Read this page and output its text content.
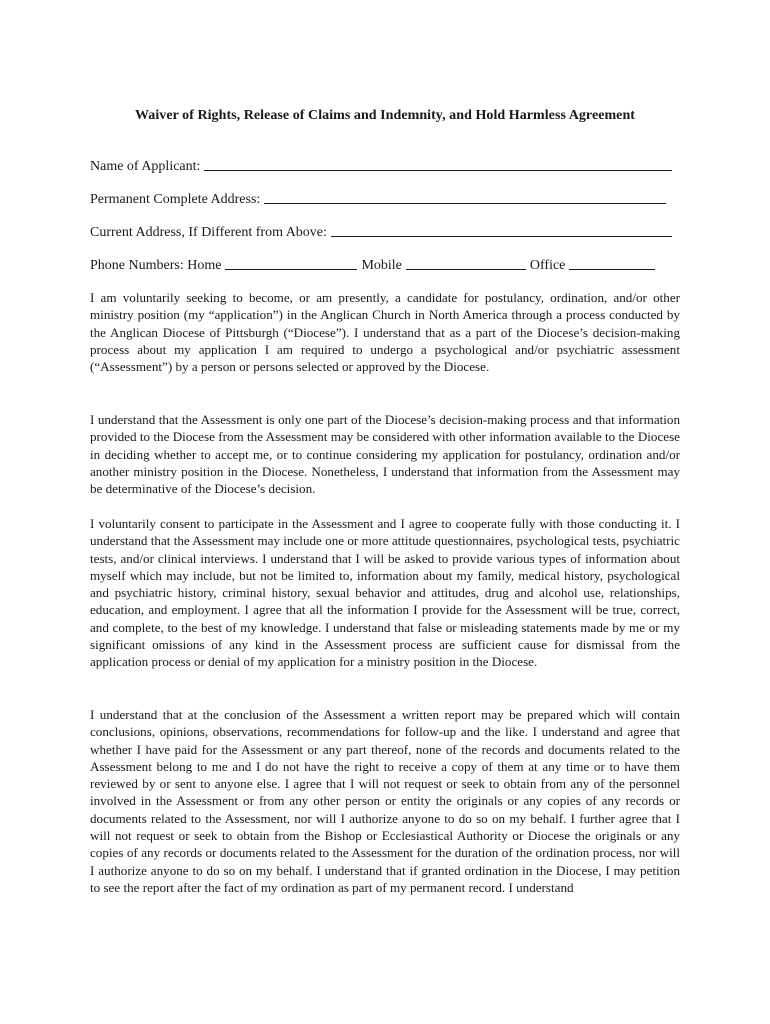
Waiver of Rights, Release of Claims and Indemnity, and Hold Harmless Agreement
Name of Applicant:
Permanent Complete Address:
Current Address, If Different from Above:
Phone Numbers: Home	Mobile	Office

I am voluntarily seeking to become, or am presently, a candidate for postulancy, ordination, and/or other ministry position (my “application”) in the Anglican Church in North America through a process conducted by the Anglican Diocese of Pittsburgh (“Diocese”). I understand that as a part of the Diocese’s decision-making process about my application I am required to undergo a psychological and/or psychiatric assessment (“Assessment”) by a person or persons selected or approved by the Diocese.

I understand that the Assessment is only one part of the Diocese’s decision-making process and that information provided to the Diocese from the Assessment may be considered with other information available to the Diocese in deciding whether to accept me, or to continue considering my application for postulancy, ordination and/or another ministry position in the Diocese. Nonetheless, I understand that information from the Assessment may be determinative of the Diocese’s decision.

I voluntarily consent to participate in the Assessment and I agree to cooperate fully with those conducting it. I understand that the Assessment may include one or more attitude questionnaires, psychological tests, psychiatric tests, and/or clinical interviews. I understand that I will be asked to provide various types of information about myself which may include, but not be limited to, information about my family, medical history, psychological and psychiatric history, criminal history, sexual behavior and attitudes, drug and alcohol use, relationships, education, and employment. I agree that all the information I provide for the Assessment will be true, correct, and complete, to the best of my knowledge. I understand that false or misleading statements made by me or my significant omissions of any kind in the Assessment process are sufficient cause for dismissal from the application process or denial of my application for a ministry position in the Diocese.

I understand that at the conclusion of the Assessment a written report may be prepared which will contain conclusions, opinions, observations, recommendations for follow-up and the like. I understand and agree that whether I have paid for the Assessment or any part thereof, none of the records and documents related to the Assessment belong to me and I do not have the right to receive a copy of them at any time or to have them reviewed by or sent to anyone else. I agree that I will not request or seek to obtain from any of the personnel involved in the Assessment or from any other person or entity the originals or any copies of any records or documents related to the Assessment, nor will I authorize anyone to do so on my behalf. I further agree that I will not request or seek to obtain from the Bishop or Ecclesiastical Authority or Diocese the originals or any copies of any records or documents related to the Assessment for the duration of the ordination process, nor will I authorize anyone to do so on my behalf. I understand that if granted ordination in the Diocese, I may petition to see the report after the fact of my ordination as part of my permanent record. I understand
